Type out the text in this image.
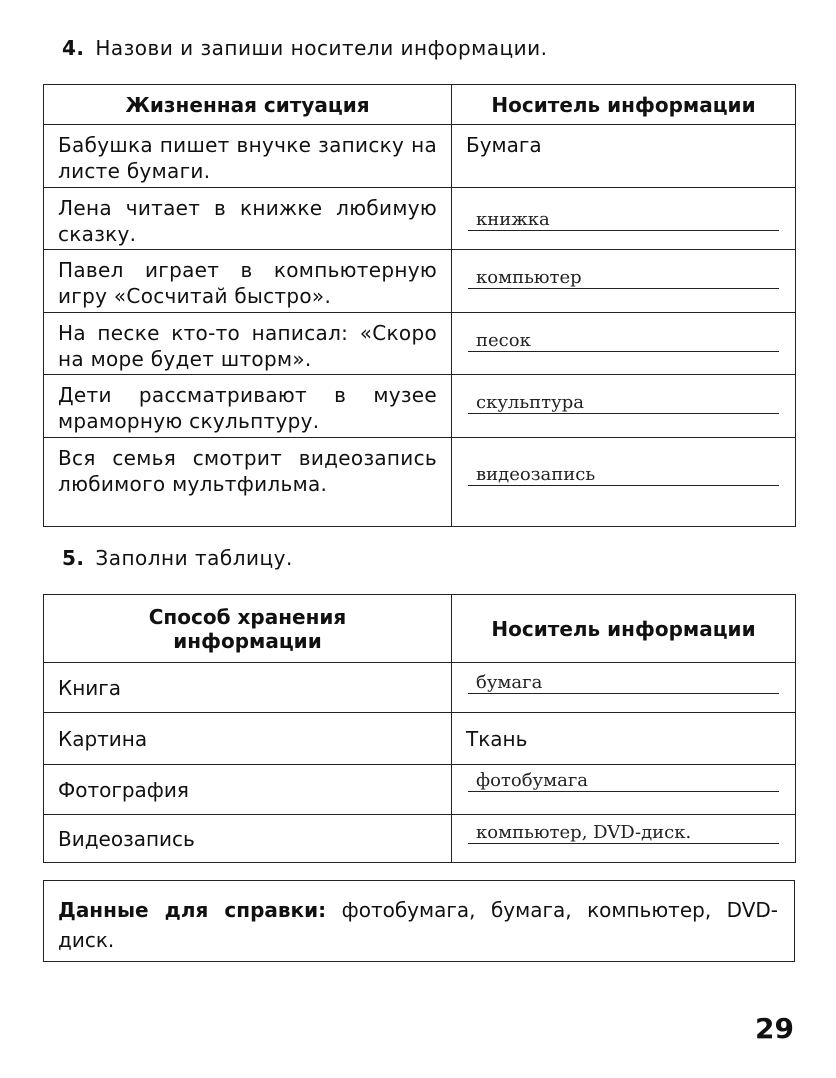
4. Назови и запиши носители информации.
Жизненная ситуация	Носитель информации

Бабушка пишет внучке записку на листе бумаги.	Бумага

Лена читает в книжке любимую сказку.	книжка

Павел играет в компьютерную игру «Сосчитай быстро».	компьютер

На песке кто-то написал: «Скоро на море будет шторм».	песок

Дети рассматривают в музее мраморную скульптуру.	скульптура

Вся семья смотрит видеозапись любимого мультфильма.	видеозапись
5. Заполни таблицу.
Способ хранения информации	Носитель информации
Книга	бумага

Картина	Ткань

Фотография	фотобумага

Видеозапись	компьютер, DVD-диск.
Данные для справки: фотобумага, бумага, компьютер, DVD-диск.
29
